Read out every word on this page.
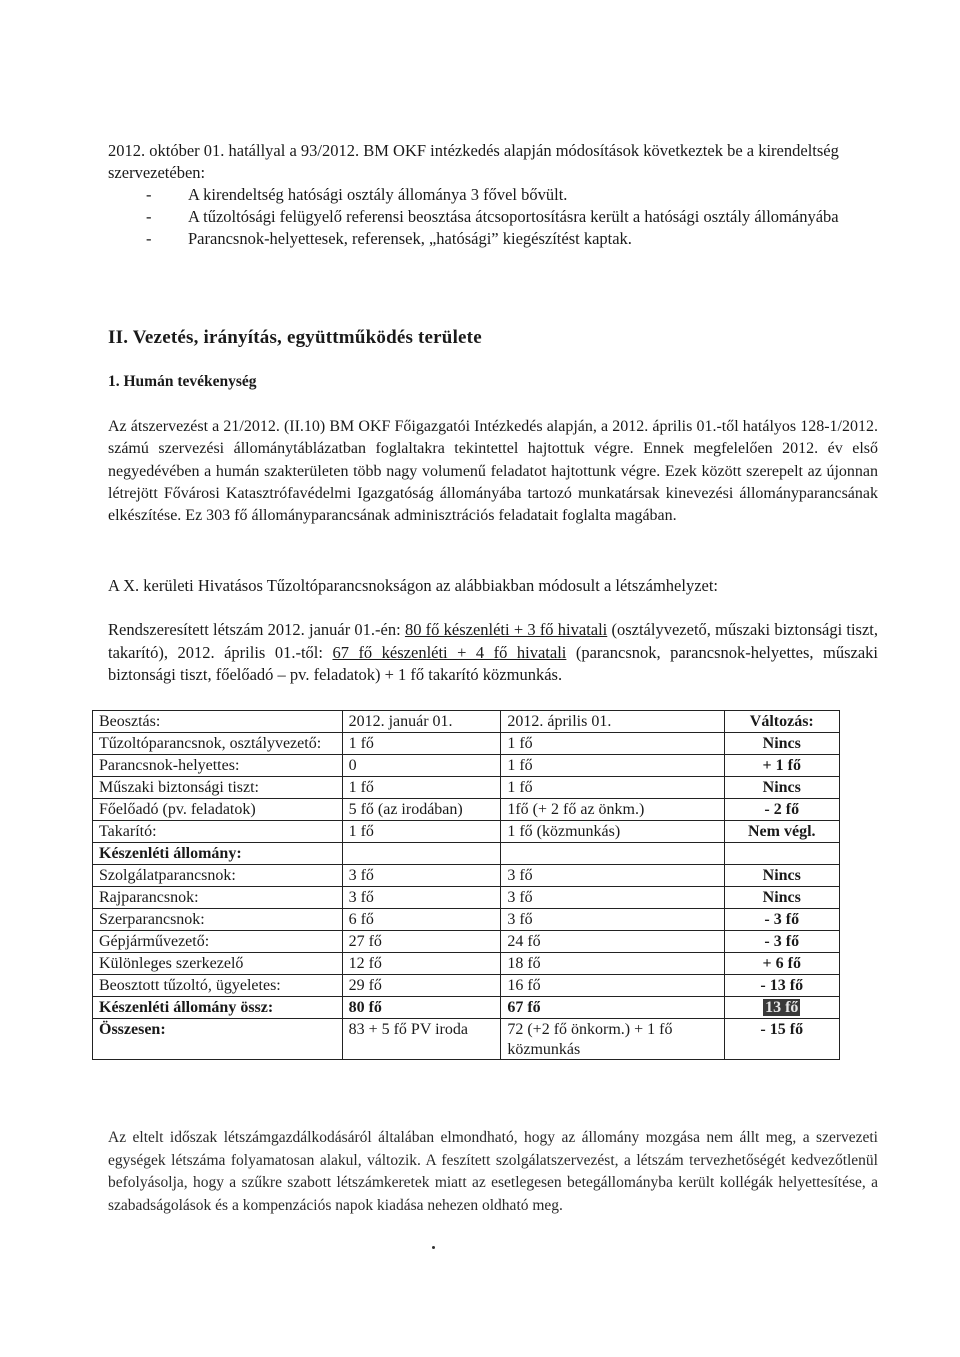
2012. október 01. hatállyal a 93/2012. BM OKF intézkedés alapján módosítások következtek be a kirendeltség szervezetében:

- A kirendeltség hatósági osztály állománya 3 fővel bővült.
- A tűzoltósági felügyelő referensi beosztása átcsoportosításra került a hatósági osztály állományába
- Parancsnok-helyettesek, referensek, „hatósági” kiegészítést kaptak.
II. Vezetés, irányítás, együttműködés területe
1. Humán tevékenység
Az átszervezést a 21/2012. (II.10) BM OKF Főigazgatói Intézkedés alapján, a 2012. április 01.-től hatályos 128-1/2012. számú szervezési állománytáblázatban foglaltakra tekintettel hajtottuk végre. Ennek megfelelően 2012. év első negyedévében a humán szakterületen több nagy volumenű feladatot hajtottunk végre. Ezek között szerepelt az újonnan létrejött Fővárosi Katasztrófavédelmi Igazgatóság állományába tartozó munkatársak kinevezési állományparancsának elkészítése. Ez 303 fő állományparancsának adminisztrációs feladatait foglalta magában.
A X. kerületi Hivatásos Tűzoltóparancsnokságon az alábbiakban módosult a létszámhelyzet:
Rendszeresített létszám 2012. január 01.-én: 80 fő készenléti + 3 fő hivatali (osztályvezető, műszaki biztonsági tiszt, takarító), 2012. április 01.-től: 67 fő készenléti + 4 fő hivatali (parancsnok, parancsnok-helyettes, műszaki biztonsági tiszt, főelőadó – pv. feladatok) + 1 fő takarító közmunkás.
Beosztás:	2012. január 01.	2012. április 01.	Változás:
Tűzoltóparancsnok, osztályvezető:	1 fő	1 fő	Nincs
Parancsnok-helyettes:	0	1 fő	+ 1 fő
Műszaki biztonsági tiszt:	1 fő	1 fő	Nincs
Főelőadó (pv. feladatok)	5 fő (az irodában)	1fő (+ 2 fő az önkm.)	- 2 fő
Takarító:	1 fő	1 fő (közmunkás)	Nem végl.
Készenléti állomány:			
Szolgálatparancsnok:	3 fő	3 fő	Nincs
Rajparancsnok:	3 fő	3 fő	Nincs
Szerparancsnok:	6 fő	3 fő	- 3 fő
Gépjárművezető:	27 fő	24 fő	- 3 fő
Különleges szerkezelő	12 fő	18 fő	+ 6 fő
Beosztott tűzoltó, ügyeletes:	29 fő	16 fő	- 13 fő
Készenléti állomány össz:	80 fő	67 fő	13 fő
Összesen:	83 + 5 fő PV iroda	72 (+2 fő önkorm.) + 1 fő közmunkás	- 15 fő
Az eltelt időszak létszámgazdálkodásáról általában elmondható, hogy az állomány mozgása nem állt meg, a szervezeti egységek létszáma folyamatosan alakul, változik. A feszített szolgálatszervezést, a létszám tervezhetőségét kedvezőtlenül befolyásolja, hogy a szűkre szabott létszámkeretek miatt az esetlegesen betegállományba került kollégák helyettesítése, a szabadságolások és a kompenzációs napok kiadása nehezen oldható meg.
